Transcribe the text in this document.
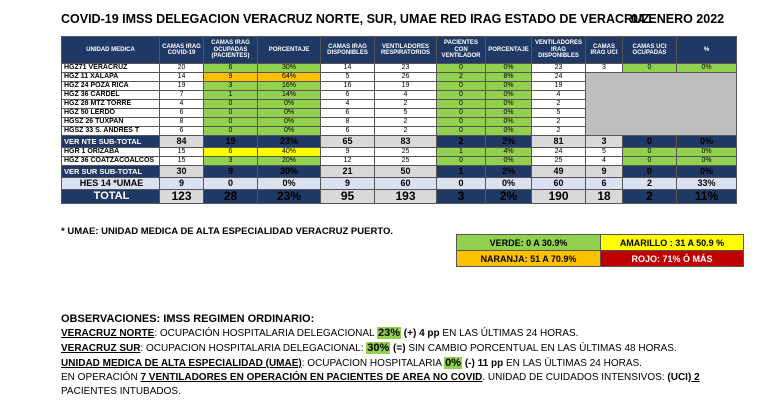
COVID-19 IMSS DELEGACION VERACRUZ NORTE, SUR, UMAE RED IRAG ESTADO DE VERACRUZ.
04 ENERO 2022
UNIDAD MEDICA	CAMAS IRAG COVID-19	CAMAS IRAG OCUPADAS (PACIENTES)	PORCENTAJE	CAMAS IRAG DISPONIBLES	VENTILADORES RESPIRATORIOS	PACIENTES CON VENTILADOR	PORCENTAJE	VENTILADORES IRAG DISPONIBLES	CAMAS IRAG UCI	CAMAS UCI OCUPADAS	%
HGZ71 VERACRUZ	20	6	30%	14	23	0	0%	23	3	0	0%
HGZ 11 XALAPA	14	9	64%	5	26	2	8%	24			
HGZ 24 POZA RICA	19	3	16%	16	19	0	0%	19			
HGZ 36 CARDEL	7	1	14%	6	4	0	0%	4			
HGZ 28 MTZ TORRE	4	0	0%	4	2	0	0%	2			
HGZ 50 LERDO	6	0	0%	6	5	0	0%	5			
HGSZ 26 TUXPAN	8	0	0%	8	2	0	0%	2			
HGSZ 33 S. ANDRES T	6	0	0%	6	2	0	0%	2			
VER NTE SUB-TOTAL	84	19	23%	65	83	2	2%	81	3	0	0%
HGR 1 ORIZABA	15	6	40%	9	25	1	4%	24	5	0	0%
HGZ 36 COATZACOALCOS	15	3	20%	12	25	0	0%	25	4	0	0%
VER SUR SUB-TOTAL	30	9	30%	21	50	1	2%	49	9	0	0%
HES 14 *UMAE	9	0	0%	9	60	0	0%	60	6	2	33%
TOTAL	123	28	23%	95	193	3	2%	190	18	2	11%
* UMAE: UNIDAD MEDICA DE ALTA ESPECIALIDAD VERACRUZ PUERTO.
VERDE: 0 A 30.9%	AMARILLO : 31 A 50.9 %
NARANJA: 51 A 70.9%	ROJO: 71% Ó MÁS
OBSERVACIONES: IMSS REGIMEN ORDINARIO:
VERACRUZ NORTE: OCUPACIÓN HOSPITALARIA DELEGACIONAL 23% (+) 4 pp EN LAS ÚLTIMAS 24 HORAS.
VERACRUZ SUR: OCUPACION HOSPITALARIA DELEGACIONAL: 30% (=) SIN CAMBIO PORCENTUAL EN LAS ÚLTIMAS 48 HORAS.
UNIDAD MEDICA DE ALTA ESPECIALIDAD (UMAE): OCUPACION HOSPITALARIA 0% (-) 11 pp EN LAS ÚLTIMAS 24 HORAS.
EN OPERACIÓN 7 VENTILADORES EN OPERACIÓN EN PACIENTES DE AREA NO COVID. UNIDAD DE CUIDADOS INTENSIVOS: (UCI) 2
PACIENTES INTUBADOS.
